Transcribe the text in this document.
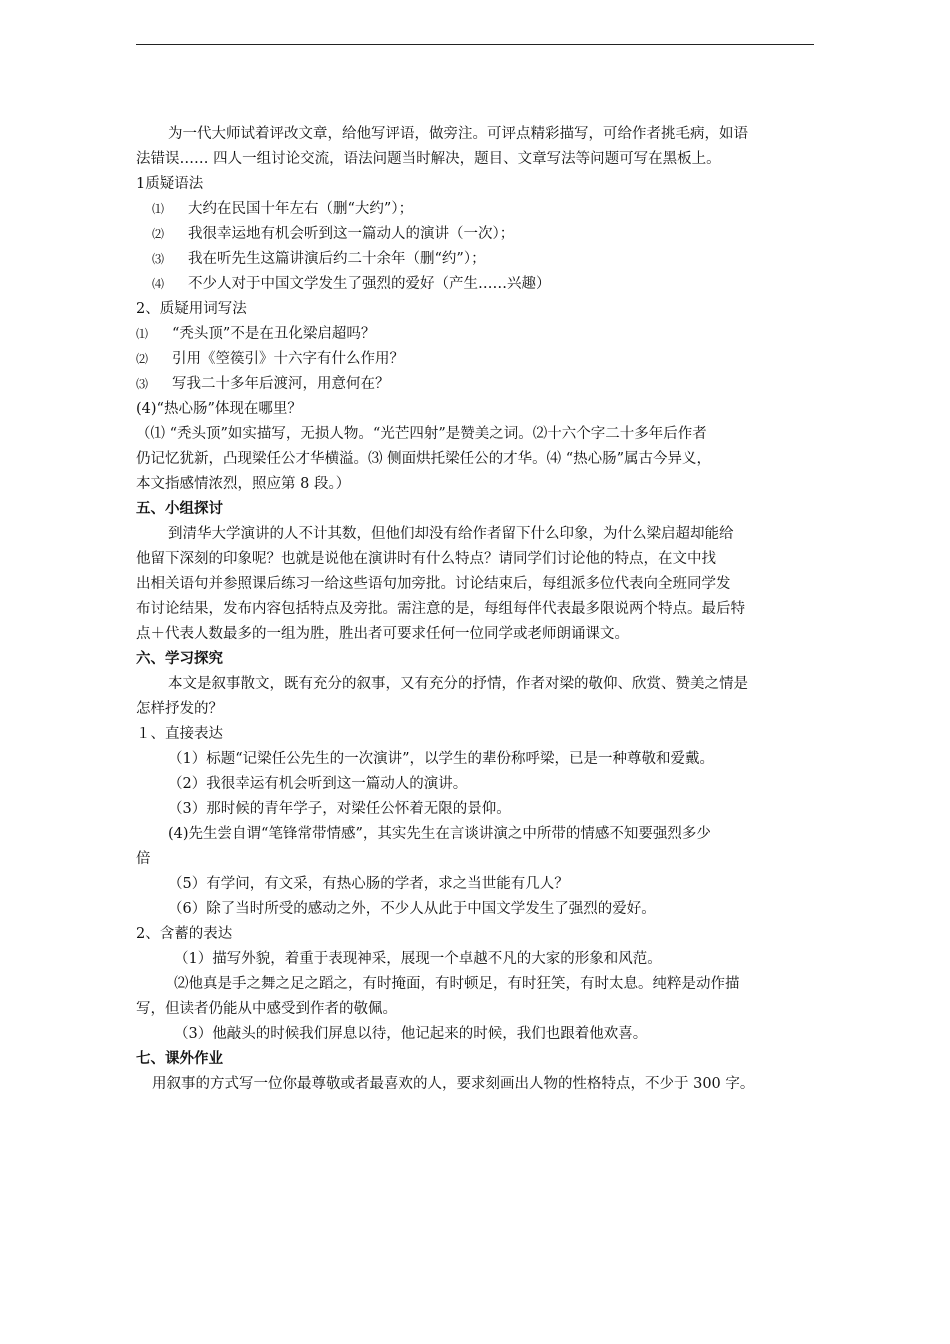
为一代大师试着评改文章，给他写评语，做旁注。可评点精彩描写，可给作者挑毛病，如语

法错误…… 四人一组讨论交流，语法问题当时解决，题目、文章写法等问题可写在黑板上。

1质疑语法

⑴ 大约在民国十年左右（删“大约”）；

⑵ 我很幸运地有机会听到这一篇动人的演讲（一次）；

⑶ 我在听先生这篇讲演后约二十余年（删“约”）；

⑷ 不少人对于中国文学发生了强烈的爱好（产生……兴趣）

2、质疑用词写法

⑴ “秃头顶”不是在丑化梁启超吗？

⑵ 引用《箜篌引》十六字有什么作用？

⑶ 写我二十多年后渡河，用意何在？

(4)“热心肠”体现在哪里？

（⑴ “秃头顶”如实描写，无损人物。“光芒四射”是赞美之词。⑵十六个字二十多年后作者

仍记忆犹新，凸现梁任公才华横溢。⑶ 侧面烘托梁任公的才华。⑷ “热心肠”属古今异义，

本文指感情浓烈，照应第 8 段。）

五、小组探讨

到清华大学演讲的人不计其数，但他们却没有给作者留下什么印象，为什么梁启超却能给

他留下深刻的印象呢？也就是说他在演讲时有什么特点？请同学们讨论他的特点，在文中找

出相关语句并参照课后练习一给这些语句加旁批。讨论结束后，每组派多位代表向全班同学发

布讨论结果，发布内容包括特点及旁批。需注意的是，每组每伴代表最多限说两个特点。最后特

点＋代表人数最多的一组为胜，胜出者可要求任何一位同学或老师朗诵课文。

六、学习探究

本文是叙事散文，既有充分的叙事，又有充分的抒情，作者对梁的敬仰、欣赏、赞美之情是

怎样抒发的？

１、直接表达

（1）标题“记梁任公先生的一次演讲”，以学生的辈份称呼梁，已是一种尊敬和爱戴。

（2）我很幸运有机会听到这一篇动人的演讲。

（3）那时候的青年学子，对梁任公怀着无限的景仰。

(4)先生尝自谓“笔锋常带情感”，其实先生在言谈讲演之中所带的情感不知要强烈多少

倍

（5）有学问，有文采，有热心肠的学者，求之当世能有几人？

（6）除了当时所受的感动之外，不少人从此于中国文学发生了强烈的爱好。

2、含蓄的表达

（1）描写外貌，着重于表现神采，展现一个卓越不凡的大家的形象和风范。

⑵他真是手之舞之足之蹈之，有时掩面，有时顿足，有时狂笑，有时太息。纯粹是动作描

写，但读者仍能从中感受到作者的敬佩。

（3）他敲头的时候我们屏息以待，他记起来的时候，我们也跟着他欢喜。

七、课外作业

用叙事的方式写一位你最尊敬或者最喜欢的人，要求刻画出人物的性格特点，不少于 300 字。
